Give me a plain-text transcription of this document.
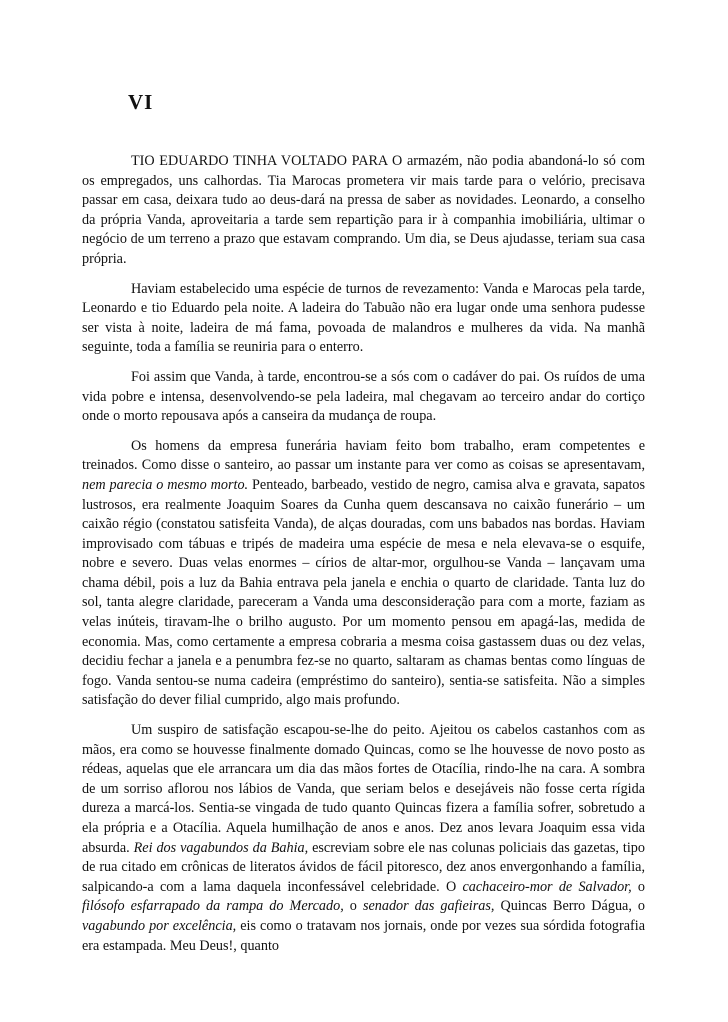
VI

TIO EDUARDO TINHA VOLTADO PARA O armazém, não podia abandoná-lo só com os empregados, uns calhordas. Tia Marocas prometera vir mais tarde para o velório, precisava passar em casa, deixara tudo ao deus-dará na pressa de saber as novidades. Leonardo, a conselho da própria Vanda, aproveitaria a tarde sem repartição para ir à companhia imobiliária, ultimar o negócio de um terreno a prazo que estavam comprando. Um dia, se Deus ajudasse, teriam sua casa própria.

Haviam estabelecido uma espécie de turnos de revezamento: Vanda e Marocas pela tarde, Leonardo e tio Eduardo pela noite. A ladeira do Tabuão não era lugar onde uma senhora pudesse ser vista à noite, ladeira de má fama, povoada de malandros e mulheres da vida. Na manhã seguinte, toda a família se reuniria para o enterro.

Foi assim que Vanda, à tarde, encontrou-se a sós com o cadáver do pai. Os ruídos de uma vida pobre e intensa, desenvolvendo-se pela ladeira, mal chegavam ao terceiro andar do cortiço onde o morto repousava após a canseira da mudança de roupa.

Os homens da empresa funerária haviam feito bom trabalho, eram competentes e treinados. Como disse o santeiro, ao passar um instante para ver como as coisas se apresentavam, nem parecia o mesmo morto. Penteado, barbeado, vestido de negro, camisa alva e gravata, sapatos lustrosos, era realmente Joaquim Soares da Cunha quem descansava no caixão funerário – um caixão régio (constatou satisfeita Vanda), de alças douradas, com uns babados nas bordas. Haviam improvisado com tábuas e tripés de madeira uma espécie de mesa e nela elevava-se o esquife, nobre e severo. Duas velas enormes – círios de altar-mor, orgulhou-se Vanda – lançavam uma chama débil, pois a luz da Bahia entrava pela janela e enchia o quarto de claridade. Tanta luz do sol, tanta alegre claridade, pareceram a Vanda uma desconsideração para com a morte, faziam as velas inúteis, tiravam-lhe o brilho augusto. Por um momento pensou em apagá-las, medida de economia. Mas, como certamente a empresa cobraria a mesma coisa gastassem duas ou dez velas, decidiu fechar a janela e a penumbra fez-se no quarto, saltaram as chamas bentas como línguas de fogo. Vanda sentou-se numa cadeira (empréstimo do santeiro), sentia-se satisfeita. Não a simples satisfação do dever filial cumprido, algo mais profundo.

Um suspiro de satisfação escapou-se-lhe do peito. Ajeitou os cabelos castanhos com as mãos, era como se houvesse finalmente domado Quincas, como se lhe houvesse de novo posto as rédeas, aquelas que ele arrancara um dia das mãos fortes de Otacília, rindo-lhe na cara. A sombra de um sorriso aflorou nos lábios de Vanda, que seriam belos e desejáveis não fosse certa rígida dureza a marcá-los. Sentia-se vingada de tudo quanto Quincas fizera a família sofrer, sobretudo a ela própria e a Otacília. Aquela humilhação de anos e anos. Dez anos levara Joaquim essa vida absurda. Rei dos vagabundos da Bahia, escreviam sobre ele nas colunas policiais das gazetas, tipo de rua citado em crônicas de literatos ávidos de fácil pitoresco, dez anos envergonhando a família, salpicando-a com a lama daquela inconfessável celebridade. O cachaceiro-mor de Salvador, o filósofo esfarrapado da rampa do Mercado, o senador das gafieiras, Quincas Berro Dágua, o vagabundo por excelência, eis como o tratavam nos jornais, onde por vezes sua sórdida fotografia era estampada. Meu Deus!, quanto
